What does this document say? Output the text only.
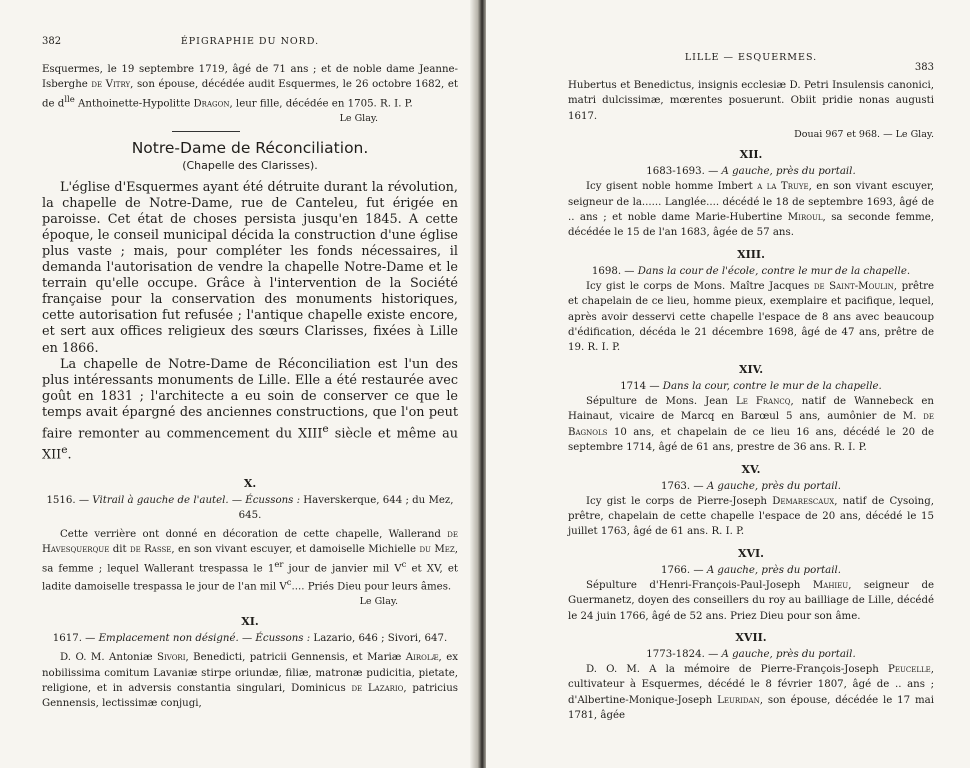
382	ÉPIGRAPHIE DU NORD.

Esquermes, le 19 septembre 1719, âgé de 71 ans ; et de noble dame Jeanne-Isberghe de Vitry, son épouse, décédée audit Esquermes, le 26 octobre 1682, et de $d^{lle}$ Anthoinette-Hypolitte Dragon, leur fille, décédée en 1705. R. I. P.

Le Glay.

Notre-Dame de Réconciliation.
(Chapelle des Clarisses).

L'église d'Esquermes ayant été détruite durant la révolution, la chapelle de Notre-Dame, rue de Canteleu, fut érigée en paroisse. Cet état de choses persista jusqu'en 1845. A cette époque, le conseil municipal décida la construction d'une église plus vaste ; mais, pour compléter les fonds nécessaires, il demanda l'autorisation de vendre la chapelle Notre-Dame et le terrain qu'elle occupe. Grâce à l'intervention de la Société française pour la conservation des monuments historiques, cette autorisation fut refusée ; l'antique chapelle existe encore, et sert aux offices religieux des sœurs Clarisses, fixées à Lille en 1866.

La chapelle de Notre-Dame de Réconciliation est l'un des plus intéressants monuments de Lille. Elle a été restaurée avec goût en 1831 ; l'architecte a eu soin de conserver ce que le temps avait épargné des anciennes constructions, que l'on peut faire remonter au commencement du XIIIe siècle et même au XIIe.

X.

1516. — Vitrail à gauche de l'autel. — Écussons : Haverskerque, 644 ; du Mez, 645.

Cette verrière ont donné en décoration de cette chapelle, Wallerand de Havesquerque dit de Rasse, en son vivant escuyer, et damoiselle Michielle du Mez, sa femme ; lequel Wallerant trespassa le 1er jour de janvier mil $V^c$ et XV, et ladite damoiselle trespassa le jour de l'an mil $V^c$.... Priés Dieu pour leurs âmes.

Le Glay.

XI.

1617. — Emplacement non désigné. — Écussons : Lazario, 646 ; Sivori, 647.

D. O. M. Antoniæ Sivori, Benedicti, patricii Gennensis, et Mariæ Airolæ, ex nobilissima comitum Lavaniæ stirpe oriundæ, filiæ, matronæ pudicitia, pietate, religione, et in adversis constantia singulari, Dominicus de Lazario, patricius Gennensis, lectissimæ conjugi,

LILLE — ESQUERMES.
383

Hubertus et Benedictus, insignis ecclesiæ D. Petri Insulensis canonici, matri dulcissimæ, mœrentes posuerunt. Obiit pridie nonas augusti 1617.

Douai 967 et 968. — Le Glay.

XII.

1683-1693. — A gauche, près du portail.

Icy gisent noble homme Imbert a la Truye, en son vivant escuyer, seigneur de la...... Langlée.... décédé le 18 de septembre 1693, âgé de .. ans ; et noble dame Marie-Hubertine Miroul, sa seconde femme, décédée le 15 de l'an 1683, âgée de 57 ans.

XIII.

1698. — Dans la cour de l'école, contre le mur de la chapelle.

Icy gist le corps de Mons. Maître Jacques de Saint-Moulin, prêtre et chapelain de ce lieu, homme pieux, exemplaire et pacifique, lequel, après avoir desservi cette chapelle l'espace de 8 ans avec beaucoup d'édification, décéda le 21 décembre 1698, âgé de 47 ans, prêtre de 19. R. I. P.

XIV.

1714 — Dans la cour, contre le mur de la chapelle.

Sépulture de Mons. Jean Le Francq, natif de Wannebeck en Hainaut, vicaire de Marcq en Barœul 5 ans, aumônier de M. de Bagnols 10 ans, et chapelain de ce lieu 16 ans, décédé le 20 de septembre 1714, âgé de 61 ans, prestre de 36 ans. R. I. P.

XV.

1763. — A gauche, près du portail.

Icy gist le corps de Pierre-Joseph Demarescaux, natif de Cysoing, prêtre, chapelain de cette chapelle l'espace de 20 ans, décédé le 15 juillet 1763, âgé de 61 ans. R. I. P.

XVI.

1766. — A gauche, près du portail.

Sépulture d'Henri-François-Paul-Joseph Mahieu, seigneur de Guermanetz, doyen des conseillers du roy au bailliage de Lille, décédé le 24 juin 1766, âgé de 52 ans. Priez Dieu pour son âme.

XVII.

1773-1824. — A gauche, près du portail.

D. O. M. A la mémoire de Pierre-François-Joseph Peucelle, cultivateur à Esquermes, décédé le 8 février 1807, âgé de .. ans ; d'Albertine-Monique-Joseph Leuridan, son épouse, décédée le 17 mai 1781, âgée
